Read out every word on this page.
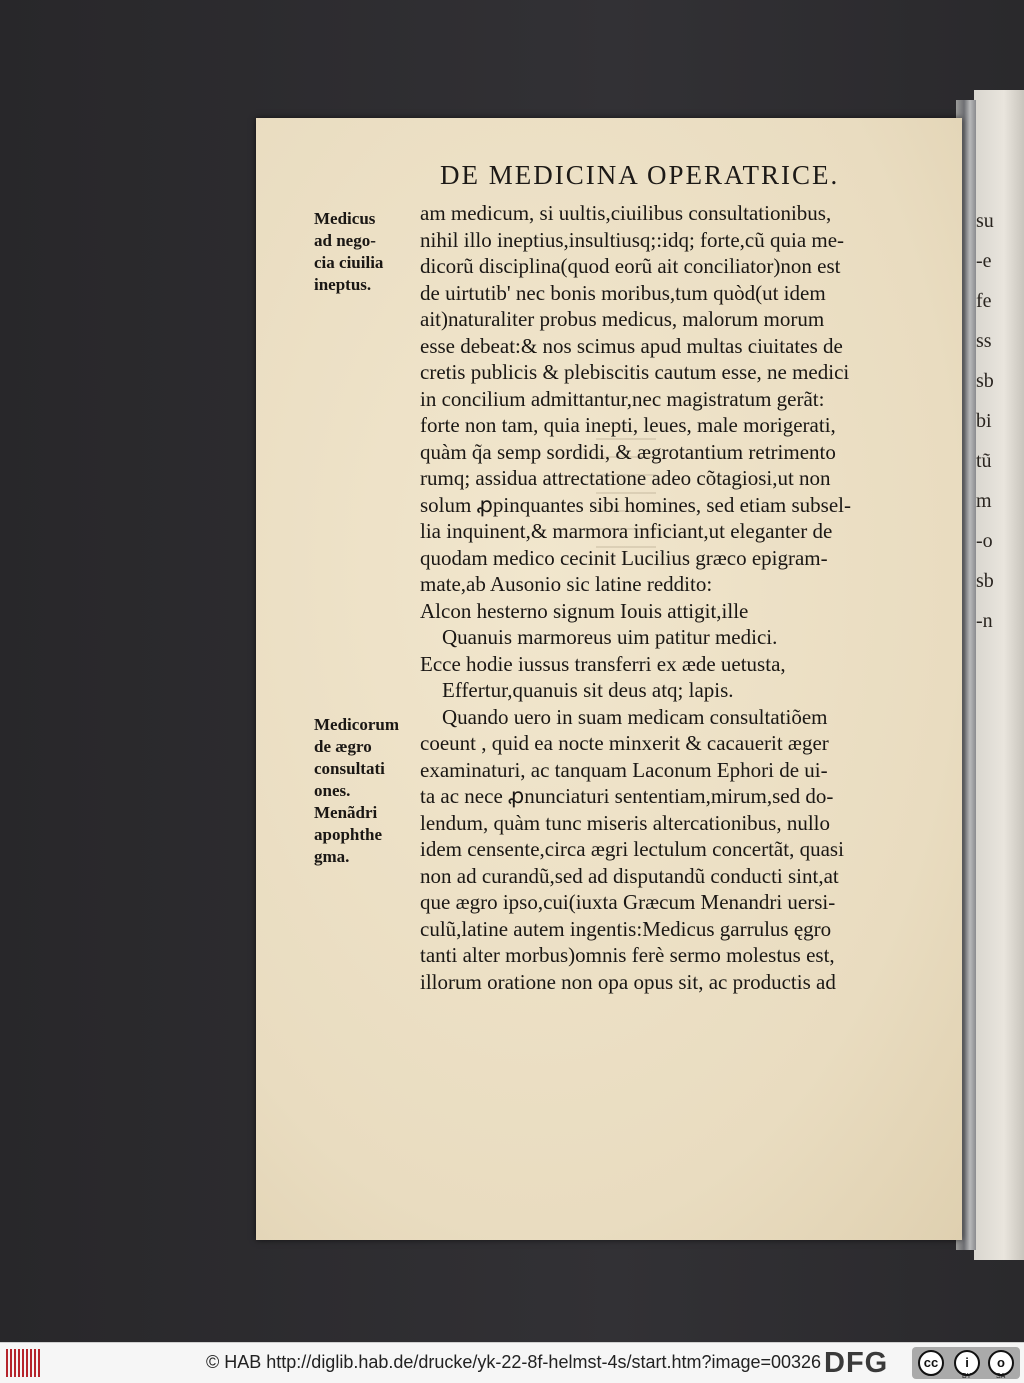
su
-e
fe
ss
sb
bi
tũ
m
-o
sb
-n
DE MEDICINA OPERATRICE.
Medicus
ad nego-
cia ciuilia
ineptus.
Medicorum
de ægro
consultati
ones.
Menãdri
apophthe
gma.
am medicum, si uultis,ciuilibus consultationibus,
nihil illo ineptius,insultiusq;:idq; forte,cũ quia me-
dicorũ disciplina(quod eorũ ait conciliator)non est
de uirtutib' nec bonis moribus,tum quòd(ut idem
ait)naturaliter probus medicus, malorum morum
esse debeat:& nos scimus apud multas ciuitates de
cretis publicis & plebiscitis cautum esse, ne medici
in concilium admittantur,nec magistratum gerãt:
forte non tam, quia inepti, leues, male morigerati,
quàm q̃a semp sordidi, & ægrotantium retrimento
rumq; assidua attrectatione adeo cõtagiosi,ut non
solum ꝓpinquantes sibi homines, sed etiam subsel-
lia inquinent,& marmora inficiant,ut eleganter de
quodam medico cecinit Lucilius græco epigram-
mate,ab Ausonio sic latine reddito:
Alcon hesterno signum Iouis attigit,ille
Quanuis marmoreus uim patitur medici.
Ecce hodie iussus transferri ex æde uetusta,
Effertur,quanuis sit deus atq; lapis.
Quando uero in suam medicam consultatiõem
coeunt , quid ea nocte minxerit & cacauerit æger
examinaturi, ac tanquam Laconum Ephori de ui-
ta ac nece ꝓnunciaturi sententiam,mirum,sed do-
lendum, quàm tunc miseris altercationibus, nullo
idem censente,circa ægri lectulum concertãt, quasi
non ad curandũ,sed ad disputandũ conducti sint,at
que ægro ipso,cui(iuxta Græcum Menandri uersi-
culũ,latine autem ingentis:Medicus garrulus ęgro
tanti alter morbus)omnis ferè sermo molestus est,
illorum oratione non opa opus sit, ac productis ad
© HAB http://diglib.hab.de/drucke/yk-22-8f-helmst-4s/start.htm?image=00326 DFG	cc	i	o
BY	SA
